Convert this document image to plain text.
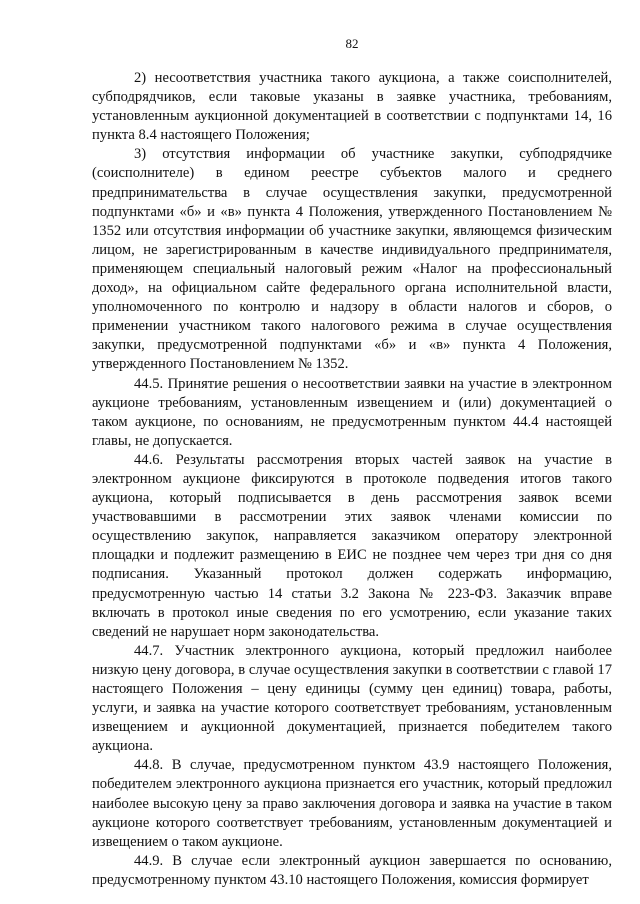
82

2) несоответствия участника такого аукциона, а также соисполнителей, субподрядчиков, если таковые указаны в заявке участника, требованиям, установленным аукционной документацией в соответствии с подпунктами 14, 16 пункта 8.4 настоящего Положения;

3) отсутствия информации об участнике закупки, субподрядчике (соисполнителе) в едином реестре субъектов малого и среднего предпринимательства в случае осуществления закупки, предусмотренной подпунктами «б» и «в» пункта 4 Положения, утвержденного Постановлением № 1352 или отсутствия информации об участнике закупки, являющемся физическим лицом, не зарегистрированным в качестве индивидуального предпринимателя, применяющем специальный налоговый режим «Налог на профессиональный доход», на официальном сайте федерального органа исполнительной власти, уполномоченного по контролю и надзору в области налогов и сборов, о применении участником такого налогового режима в случае осуществления закупки, предусмотренной подпунктами «б» и «в» пункта 4 Положения, утвержденного Постановлением № 1352.

44.5. Принятие решения о несоответствии заявки на участие в электронном аукционе требованиям, установленным извещением и (или) документацией о таком аукционе, по основаниям, не предусмотренным пунктом 44.4 настоящей главы, не допускается.

44.6. Результаты рассмотрения вторых частей заявок на участие в электронном аукционе фиксируются в протоколе подведения итогов такого аукциона, который подписывается в день рассмотрения заявок всеми участвовавшими в рассмотрении этих заявок членами комиссии по осуществлению закупок, направляется заказчиком оператору электронной площадки и подлежит размещению в ЕИС не позднее чем через три дня со дня подписания. Указанный протокол должен содержать информацию, предусмотренную частью 14 статьи 3.2 Закона № 223-ФЗ. Заказчик вправе включать в протокол иные сведения по его усмотрению, если указание таких сведений не нарушает норм законодательства.

44.7. Участник электронного аукциона, который предложил наиболее низкую цену договора, в случае осуществления закупки в соответствии с главой 17 настоящего Положения – цену единицы (сумму цен единиц) товара, работы, услуги, и заявка на участие которого соответствует требованиям, установленным извещением и аукционной документацией, признается победителем такого аукциона.

44.8. В случае, предусмотренном пунктом 43.9 настоящего Положения, победителем электронного аукциона признается его участник, который предложил наиболее высокую цену за право заключения договора и заявка на участие в таком аукционе которого соответствует требованиям, установленным документацией и извещением о таком аукционе.

44.9. В случае если электронный аукцион завершается по основанию, предусмотренному пунктом 43.10 настоящего Положения, комиссия формирует
